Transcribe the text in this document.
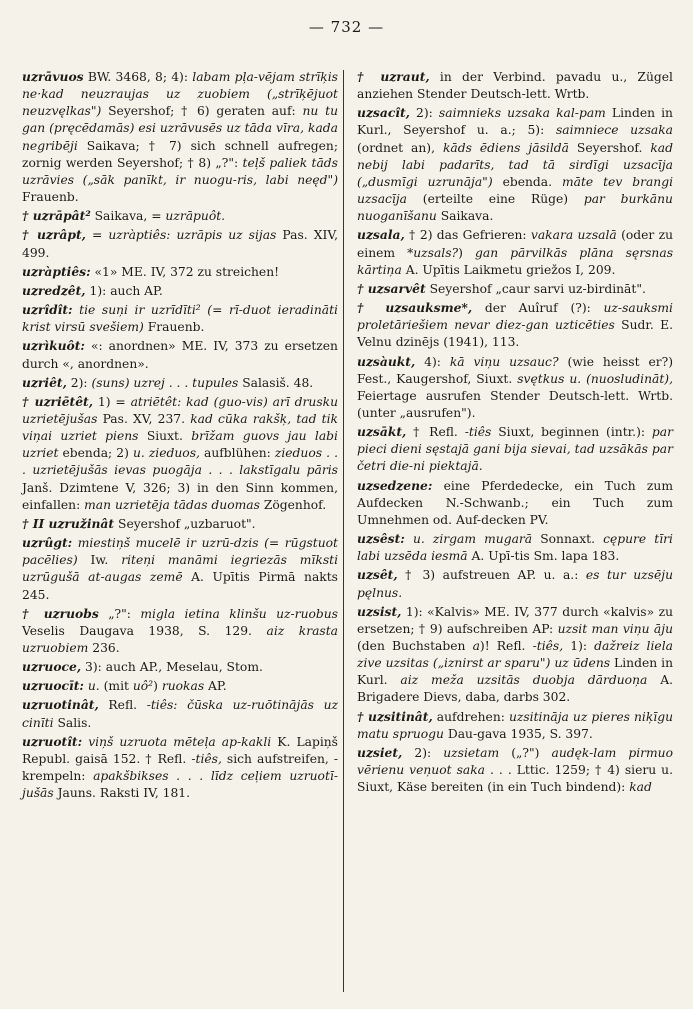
— 732 —

uzrāvuos BW. 3468, 8; 4): labam pļa-vējam strīķis ne·kad neuzraujas uz zuobiem („strīķējuot neuzvęlkas") Seyershof; † 6) geraten auf: nu tu gan (pręcēdamās) esi uzrāvusēs uz tāda vīra, kada negribēji Saikava; † 7) sich schnell aufregen; zornig werden Seyershof; † 8) „?": teļš paliek tāds uzrāvies („sāk panīkt, ir nuogu-ris, labi neęd") Frauenb.

† uzrāpât² Saikava, = uzrāpuôt.

† uzrâpt, = uzràptiês: uzrāpis uz sijas Pas. XIV, 499.

uzràptiês: «1» ME. IV, 372 zu streichen!

uzredzêt, 1): auch AP.

uzrîdît: tie suņi ir uzrīdīti² (= rī-duot ieradināti krist virsū svešiem) Frauenb.

uzrìkuôt: «: anordnen» ME. IV, 373 zu ersetzen durch «, anordnen».

uzriêt, 2): (suns) uzrej . . . tupules Salasiš. 48.

† uzriētêt, 1) = atriētêt: kad (guo-vis) arī drusku uzrietējušas Pas. XV, 237. kad cūka rakšķ, tad tik viņai uzriet piens Siuxt. brīžam guovs jau labi uzriet ebenda; 2) u. zieduos, aufblühen: zieduos . . . uzrietējušās ievas puogāja . . . lakstīgalu pāris Janš. Dzimtene V, 326; 3) in den Sinn kommen, einfallen: man uzrietēja tādas duomas Zögenhof.

† II uzružinât Seyershof „uzbaruot".

uzrûgt: miestiņš mucelē ir uzrū-dzis (= rūgstuot pacēlies) Iw. riteņi manāmi iegriezās mīksti uzrūgušā at-augas zemē A. Upītis Pirmā nakts 245.

† uzruobs „?": migla ietina klinšu uz-ruobus Veselis Daugava 1938, S. 129. aiz krasta uzruobiem 236.

uzruoce, 3): auch AP., Meselau, Stom.

uzruocīt: u. (mit uô²) ruokas AP.

uzruotinât, Refl. -tiês: čūska uz-ruōtinājās uz cinīti Salis.

uzruotît: viņš uzruota mēteļa ap-kakli K. Lapiņš Republ. gaisā 152. † Refl. -tiês, sich aufstreifen, -krempeln: apakšbikses . . . līdz ceļiem uzruotī-jušās Jauns. Raksti IV, 181.

† uzraut, in der Verbind. pavadu u., Zügel anziehen Stender Deutsch-lett. Wrtb.

uzsacît, 2): saimnieks uzsaka kal-pam Linden in Kurl., Seyershof u. a.; 5): saimniece uzsaka (ordnet an), kāds ēdiens jāsildā Seyershof. kad nebij labi padarīts, tad tā sirdīgi uzsacīja („dusmīgi uzrunāja") ebenda. māte tev brangi uzsacīja (erteilte eine Rüge) par burkānu nuoganīšanu Saikava.

uzsala, † 2) das Gefrieren: vakara uzsalā (oder zu einem *uzsals?) gan pārvilkās plāna sęrsnas kārtiņa A. Upītis Laikmetu griežos I, 209.

† uzsarvêt Seyershof „caur sarvi uz-birdināt".

† uzsauksme*, der Auîruf (?): uz-sauksmi proletāriešiem nevar diez-gan uzticēties Sudr. E. Velnu dzinējs (1941), 113.

uzsàukt, 4): kā viņu uzsauc? (wie heisst er?) Fest., Kaugershof, Siuxt. svętkus u. (nuosludināt), Feiertage ausrufen Stender Deutsch-lett. Wrtb. (unter „ausrufen").

uzsākt, † Refl. -tiês Siuxt, beginnen (intr.): par pieci dieni sęstajā gani bija sievai, tad uzsākās par četri die-ni piektajā.

uzsedzene: eine Pferdedecke, ein Tuch zum Aufdecken N.-Schwanb.; ein Tuch zum Umnehmen od. Auf-decken PV.

uzsêst: u. zirgam mugarā Sonnaxt. cępure tīri labi uzsēda iesmā A. Upī-tis Sm. lapa 183.

uzsêt, † 3) aufstreuen AP. u. a.: es tur uzsēju pęlnus.

uzsist, 1): «Kalvis» ME. IV, 377 durch «kalvis» zu ersetzen; † 9) aufschreiben AP: uzsit man viņu āju (den Buchstaben a)! Refl. -tiês, 1): dažreiz liela zive uzsitas („iznirst ar sparu") uz ūdens Linden in Kurl. aiz meža uzsitās duobja dārduoņa A. Brigadere Dievs, daba, darbs 302.

† uzsitinât, aufdrehen: uzsitināja uz pieres niķīgu matu spruogu Dau-gava 1935, S. 397.

uzsiet, 2): uzsietam („?") audęk-lam pirmuo vērienu veņuot saka . . . Lttic. 1259; † 4) sieru u. Siuxt, Käse bereiten (in ein Tuch bindend): kad
